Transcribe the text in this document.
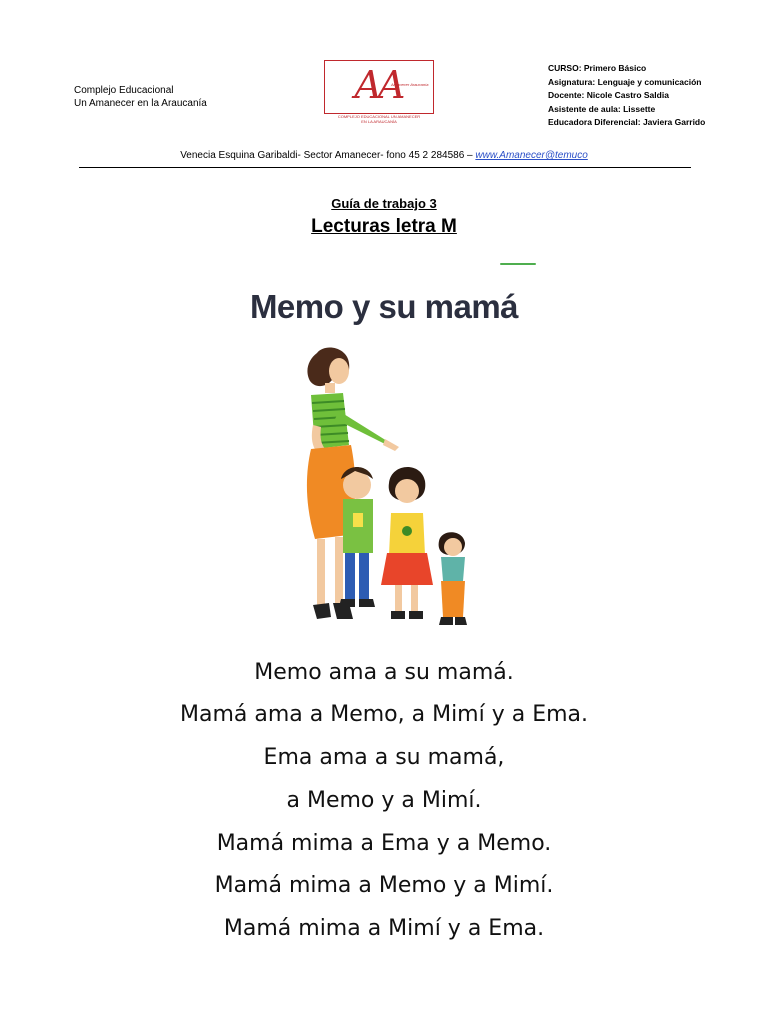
Complejo Educacional
Un Amanecer en la Araucanía	AA
Amanecer Araucanía
COMPLEJO EDUCACIONAL UN AMANECER
EN LA ARAUCANÍA
CURSO: Primero Básico
Asignatura: Lenguaje y comunicación
Docente: Nicole Castro Saldia
Asistente de aula: Lissette
Educadora Diferencial: Javiera Garrido
Venecia Esquina Garibaldi- Sector Amanecer- fono 45 2 284586 – www.Amanecer@temuco
Guía de trabajo 3
Lecturas letra M
Memo y su mamá
Memo ama a su mamá.
Mamá ama a Memo, a Mimí y a Ema.
Ema ama a su mamá,
a Memo y a Mimí.
Mamá mima a Ema y a Memo.
Mamá mima a Memo y a Mimí.
Mamá mima a Mimí y a Ema.
